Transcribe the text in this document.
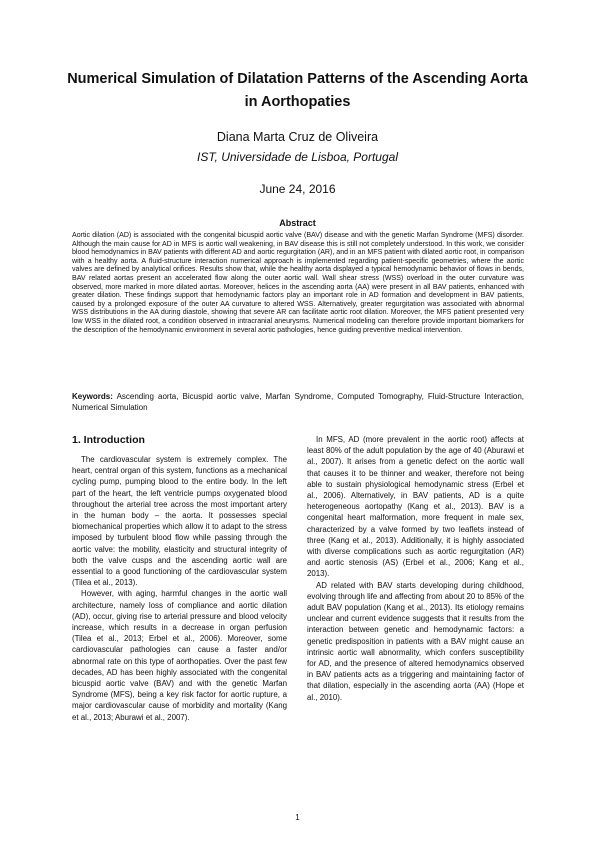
Numerical Simulation of Dilatation Patterns of the Ascending Aorta in Aorthopaties
Diana Marta Cruz de Oliveira
IST, Universidade de Lisboa, Portugal
June 24, 2016
Abstract

Aortic dilation (AD) is associated with the congenital bicuspid aortic valve (BAV) disease and with the genetic Marfan Syndrome (MFS) disorder. Although the main cause for AD in MFS is aortic wall weakening, in BAV disease this is still not completely understood. In this work, we consider blood hemodynamics in BAV patients with different AD and aortic regurgitation (AR), and in an MFS patient with dilated aortic root, in comparison with a healthy aorta. A fluid-structure interaction numerical approach is implemented regarding patient-specific geometries, where the aortic valves are defined by analytical orifices. Results show that, while the healthy aorta displayed a typical hemodynamic behavior of flows in bends, BAV related aortas present an accelerated flow along the outer aortic wall. Wall shear stress (WSS) overload in the outer curvature was observed, more marked in more dilated aortas. Moreover, helices in the ascending aorta (AA) were present in all BAV patients, enhanced with greater dilation. These findings support that hemodynamic factors play an important role in AD formation and development in BAV patients, caused by a prolonged exposure of the outer AA curvature to altered WSS. Alternatively, greater regurgitation was associated with abnormal WSS distributions in the AA during diastole, showing that severe AR can facilitate aortic root dilation. Moreover, the MFS patient presented very low WSS in the dilated root, a condition observed in intracranial aneurysms. Numerical modeling can therefore provide important biomarkers for the description of the hemodynamic environment in several aortic pathologies, hence guiding preventive medical intervention.

Keywords: Ascending aorta, Bicuspid aortic valve, Marfan Syndrome, Computed Tomography, Fluid-Structure Interaction, Numerical Simulation

1. Introduction

The cardiovascular system is extremely complex. The heart, central organ of this system, functions as a mechanical cycling pump, pumping blood to the entire body. In the left part of the heart, the left ventricle pumps oxygenated blood throughout the arterial tree across the most important artery in the human body – the aorta. It possesses special biomechanical properties which allow it to adapt to the stress imposed by turbulent blood flow while passing through the aortic valve: the mobility, elasticity and structural integrity of both the valve cusps and the ascending aortic wall are essential to a good functioning of the cardiovascular system (Tilea et al., 2013).

However, with aging, harmful changes in the aortic wall architecture, namely loss of compliance and aortic dilation (AD), occur, giving rise to arterial pressure and blood velocity increase, which results in a decrease in organ perfusion (Tilea et al., 2013; Erbel et al., 2006). Moreover, some cardiovascular pathologies can cause a faster and/or abnormal rate on this type of aorthopaties. Over the past few decades, AD has been highly associated with the congenital bicuspid aortic valve (BAV) and with the genetic Marfan Syndrome (MFS), being a key risk factor for aortic rupture, a major cardiovascular cause of morbidity and mortality (Kang et al., 2013; Aburawi et al., 2007).

In MFS, AD (more prevalent in the aortic root) affects at least 80% of the adult population by the age of 40 (Aburawi et al., 2007). It arises from a genetic defect on the aortic wall that causes it to be thinner and weaker, therefore not being able to sustain physiological hemodynamic stress (Erbel et al., 2006). Alternatively, in BAV patients, AD is a quite heterogeneous aortopathy (Kang et al., 2013). BAV is a congenital heart malformation, more frequent in male sex, characterized by a valve formed by two leaflets instead of three (Kang et al., 2013). Additionally, it is highly associated with diverse complications such as aortic regurgitation (AR) and aortic stenosis (AS) (Erbel et al., 2006; Kang et al., 2013).

AD related with BAV starts developing during childhood, evolving through life and affecting from about 20 to 85% of the adult BAV population (Kang et al., 2013). Its etiology remains unclear and current evidence suggests that it results from the interaction between genetic and hemodynamic factors: a genetic predisposition in patients with a BAV might cause an intrinsic aortic wall abnormality, which confers susceptibility for AD, and the presence of altered hemodynamics observed in BAV patients acts as a triggering and maintaining factor of that dilation, especially in the ascending aorta (AA) (Hope et al., 2010).

1
